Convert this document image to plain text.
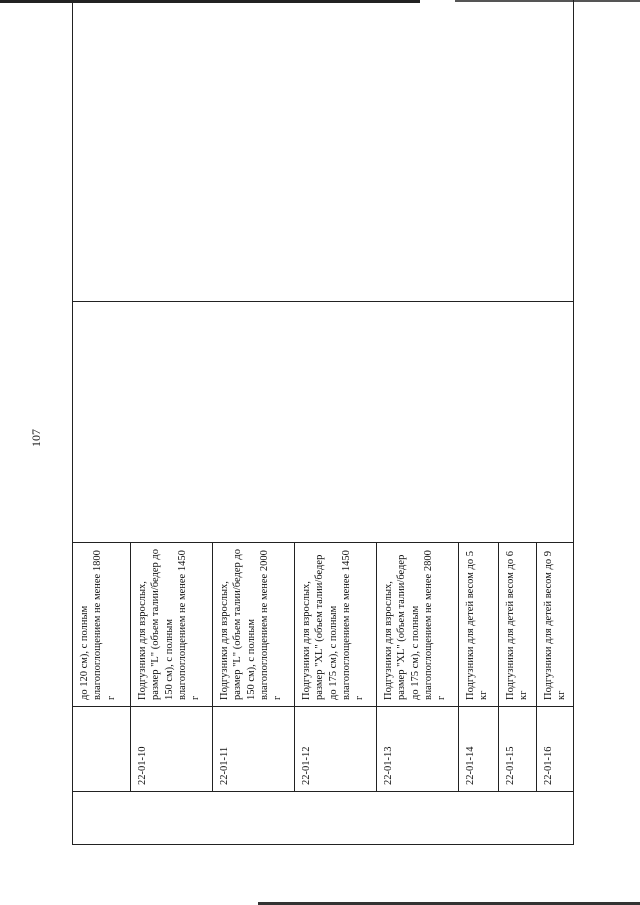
107
		до 120 см), с полным влагопоглощением не менее 1800 г		
	22-01-10	Подгузники для взрослых, размер "L" (объем талии/бедер до 150 см), с полным влагопоглощением не менее 1450 г		
	22-01-11	Подгузники для взрослых, размер "L" (объем талии/бедер до 150 см), с полным влагопоглощением не менее 2000 г		
	22-01-12	Подгузники для взрослых, размер "XL" (объем талии/бедер до 175 см), с полным влагопоглощением не менее 1450 г		
	22-01-13	Подгузники для взрослых, размер "XL" (объем талии/бедер до 175 см), с полным влагопоглощением не менее 2800 г		
	22-01-14	Подгузники для детей весом до 5 кг		
	22-01-15	Подгузники для детей весом до 6 кг		
	22-01-16	Подгузники для детей весом до 9 кг		
